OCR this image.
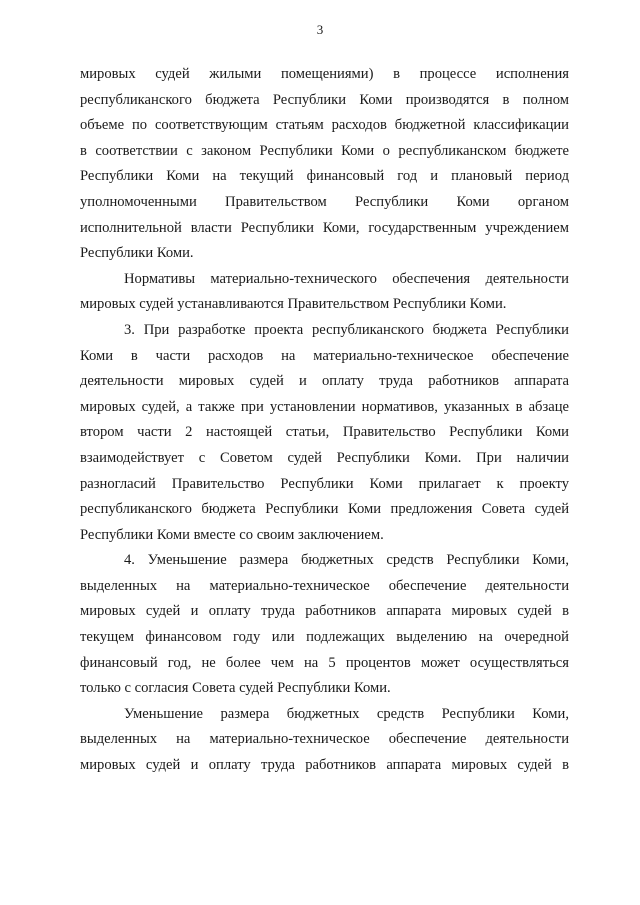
3
мировых судей жилыми помещениями) в процессе исполнения
республиканского бюджета Республики Коми производятся в полном
объеме по соответствующим статьям расходов бюджетной классификации
в соответствии с законом Республики Коми о республиканском бюджете
Республики Коми на текущий финансовый год и плановый период
уполномоченными Правительством Республики Коми органом
исполнительной власти Республики Коми, государственным учреждением
Республики Коми.
Нормативы материально-технического обеспечения деятельности
мировых судей устанавливаются Правительством Республики Коми.
3. При разработке проекта республиканского бюджета Республики
Коми в части расходов на материально-техническое обеспечение
деятельности мировых судей и оплату труда работников аппарата
мировых судей, а также при установлении нормативов, указанных в абзаце
втором части 2 настоящей статьи, Правительство Республики Коми
взаимодействует с Советом судей Республики Коми. При наличии
разногласий Правительство Республики Коми прилагает к проекту
республиканского бюджета Республики Коми предложения Совета судей
Республики Коми вместе со своим заключением.
4. Уменьшение размера бюджетных средств Республики Коми,
выделенных на материально-техническое обеспечение деятельности
мировых судей и оплату труда работников аппарата мировых судей в
текущем финансовом году или подлежащих выделению на очередной
финансовый год, не более чем на 5 процентов может осуществляться
только с согласия Совета судей Республики Коми.
Уменьшение размера бюджетных средств Республики Коми,
выделенных на материально-техническое обеспечение деятельности
мировых судей и оплату труда работников аппарата мировых судей в
